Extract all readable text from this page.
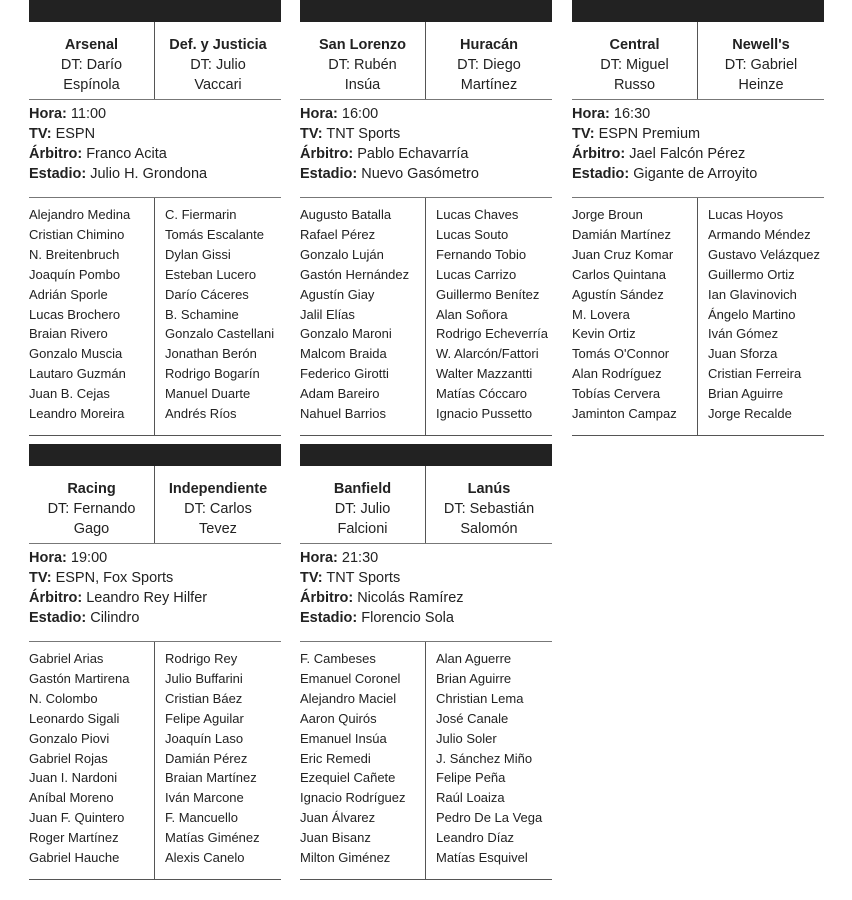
Arsenal
DT: Darío
Espínola
Def. y Justicia
DT: Julio
Vaccari
Hora: 11:00
TV: ESPN
Árbitro: Franco Acita
Estadio: Julio H. Grondona
Alejandro Medina
Cristian Chimino
N. Breitenbruch
Joaquín Pombo
Adrián Sporle
Lucas Brochero
Braian Rivero
Gonzalo Muscia
Lautaro Guzmán
Juan B. Cejas
Leandro Moreira
C. Fiermarin
Tomás Escalante
Dylan Gissi
Esteban Lucero
Darío Cáceres
B. Schamine
Gonzalo Castellani
Jonathan Berón
Rodrigo Bogarín
Manuel Duarte
Andrés Ríos
San Lorenzo
DT: Rubén
Insúa
Huracán
DT: Diego
Martínez
Hora: 16:00
TV: TNT Sports
Árbitro: Pablo Echavarría
Estadio: Nuevo Gasómetro
Augusto Batalla
Rafael Pérez
Gonzalo Luján
Gastón Hernández
Agustín Giay
Jalil Elías
Gonzalo Maroni
Malcom Braida
Federico Girotti
Adam Bareiro
Nahuel Barrios
Lucas Chaves
Lucas Souto
Fernando Tobio
Lucas Carrizo
Guillermo Benítez
Alan Soñora
Rodrigo Echeverría
W. Alarcón/Fattori
Walter Mazzantti
Matías Cóccaro
Ignacio Pussetto
Central
DT: Miguel
Russo
Newell's
DT: Gabriel
Heinze
Hora: 16:30
TV: ESPN Premium
Árbitro: Jael Falcón Pérez
Estadio: Gigante de Arroyito
Jorge Broun
Damián Martínez
Juan Cruz Komar
Carlos Quintana
Agustín Sández
M. Lovera
Kevin Ortiz
Tomás O'Connor
Alan Rodríguez
Tobías Cervera
Jaminton Campaz
Lucas Hoyos
Armando Méndez
Gustavo Velázquez
Guillermo Ortiz
Ian Glavinovich
Ángelo Martino
Iván Gómez
Juan Sforza
Cristian Ferreira
Brian Aguirre
Jorge Recalde
Racing
DT: Fernando
Gago
Independiente
DT: Carlos
Tevez
Hora: 19:00
TV: ESPN, Fox Sports
Árbitro: Leandro Rey Hilfer
Estadio: Cilindro
Gabriel Arias
Gastón Martirena
N. Colombo
Leonardo Sigali
Gonzalo Piovi
Gabriel Rojas
Juan I. Nardoni
Aníbal Moreno
Juan F. Quintero
Roger Martínez
Gabriel Hauche
Rodrigo Rey
Julio Buffarini
Cristian Báez
Felipe Aguilar
Joaquín Laso
Damián Pérez
Braian Martínez
Iván Marcone
F. Mancuello
Matías Giménez
Alexis Canelo
Banfield
DT: Julio
Falcioni
Lanús
DT: Sebastián
Salomón
Hora: 21:30
TV: TNT Sports
Árbitro: Nicolás Ramírez
Estadio: Florencio Sola
F. Cambeses
Emanuel Coronel
Alejandro Maciel
Aaron Quirós
Emanuel Insúa
Eric Remedi
Ezequiel Cañete
Ignacio Rodríguez
Juan Álvarez
Juan Bisanz
Milton Giménez
Alan Aguerre
Brian Aguirre
Christian Lema
José Canale
Julio Soler
J. Sánchez Miño
Felipe Peña
Raúl Loaiza
Pedro De La Vega
Leandro Díaz
Matías Esquivel
